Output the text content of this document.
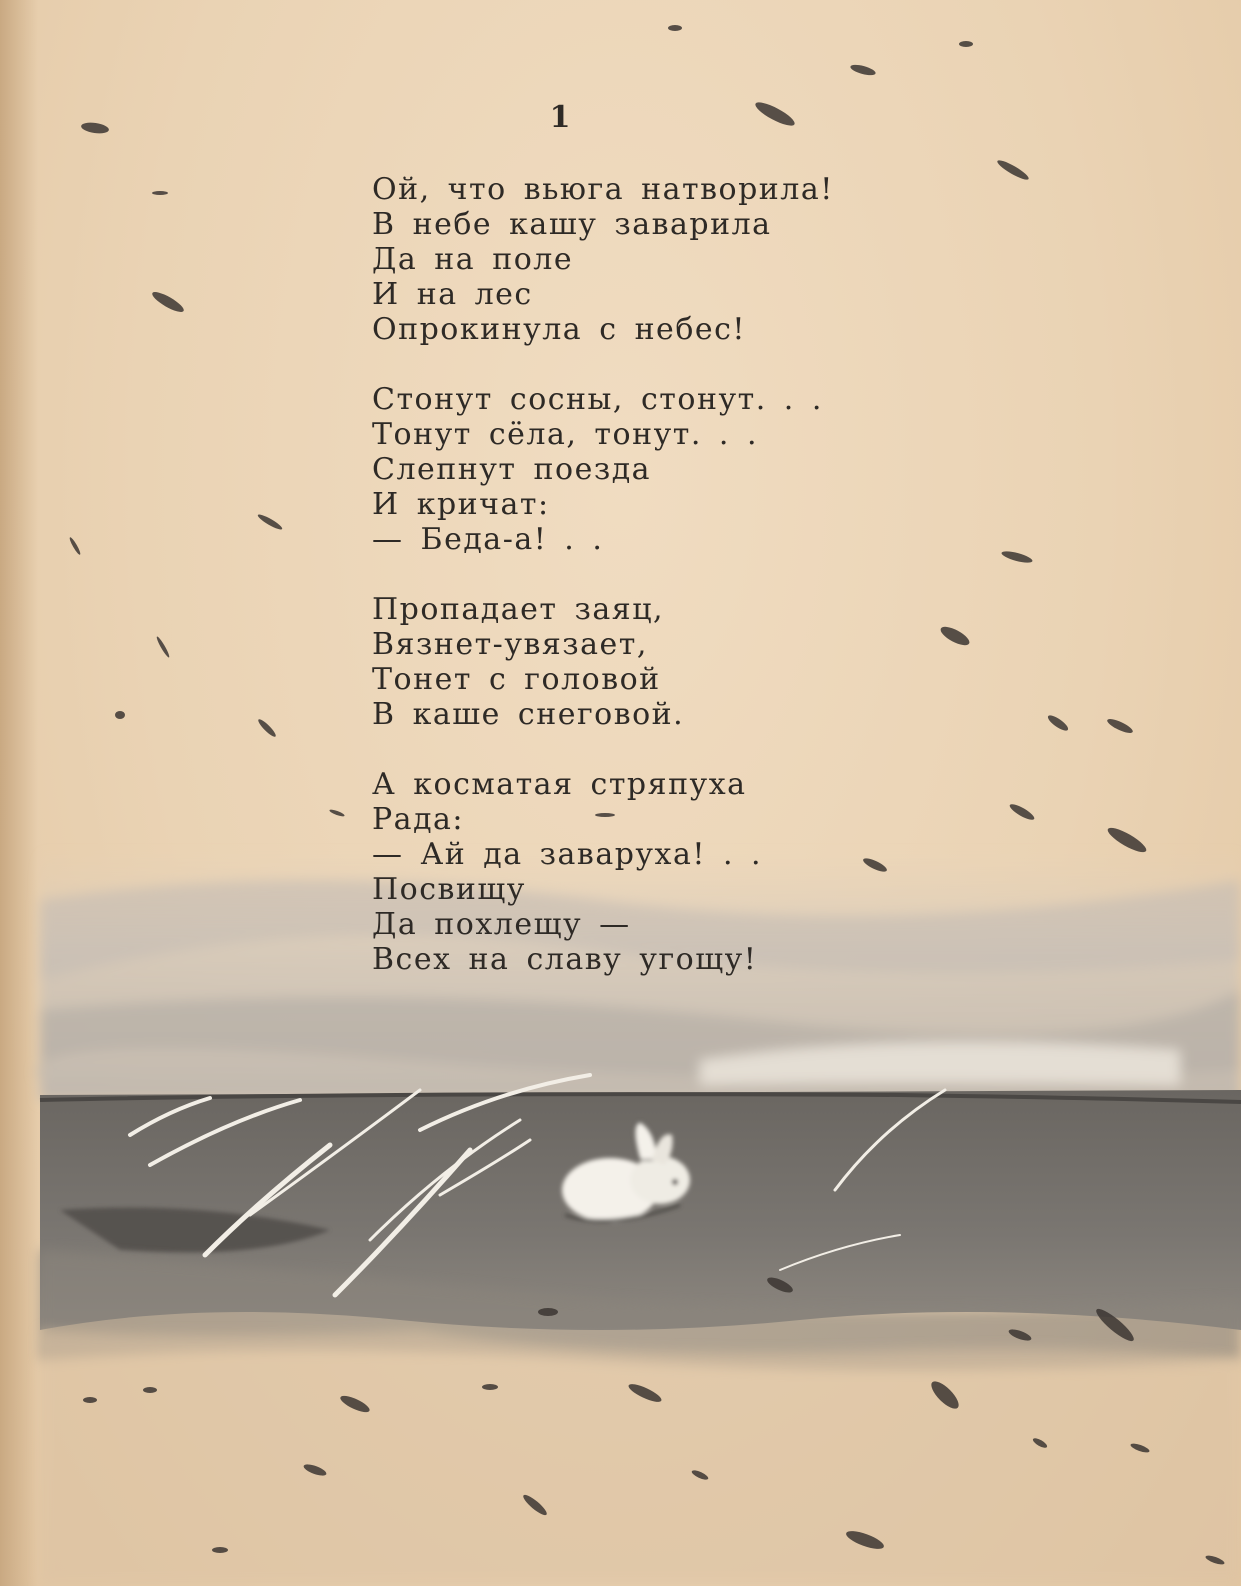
1
Ой, что вьюга натворила!
В небе кашу заварила
Да на поле
И на лес
Опрокинула с небес!
Стонут сосны, стонут. . .
Тонут сёла, тонут. . .
Слепнут поезда
И кричат:
— Беда-а! . .
Пропадает заяц,
Вязнет-увязает,
Тонет с головой
В каше снеговой.
А косматая стряпуха
Рада:
— Ай да заваруха! . .
Посвищу
Да похлещу —
Всех на славу угощу!
